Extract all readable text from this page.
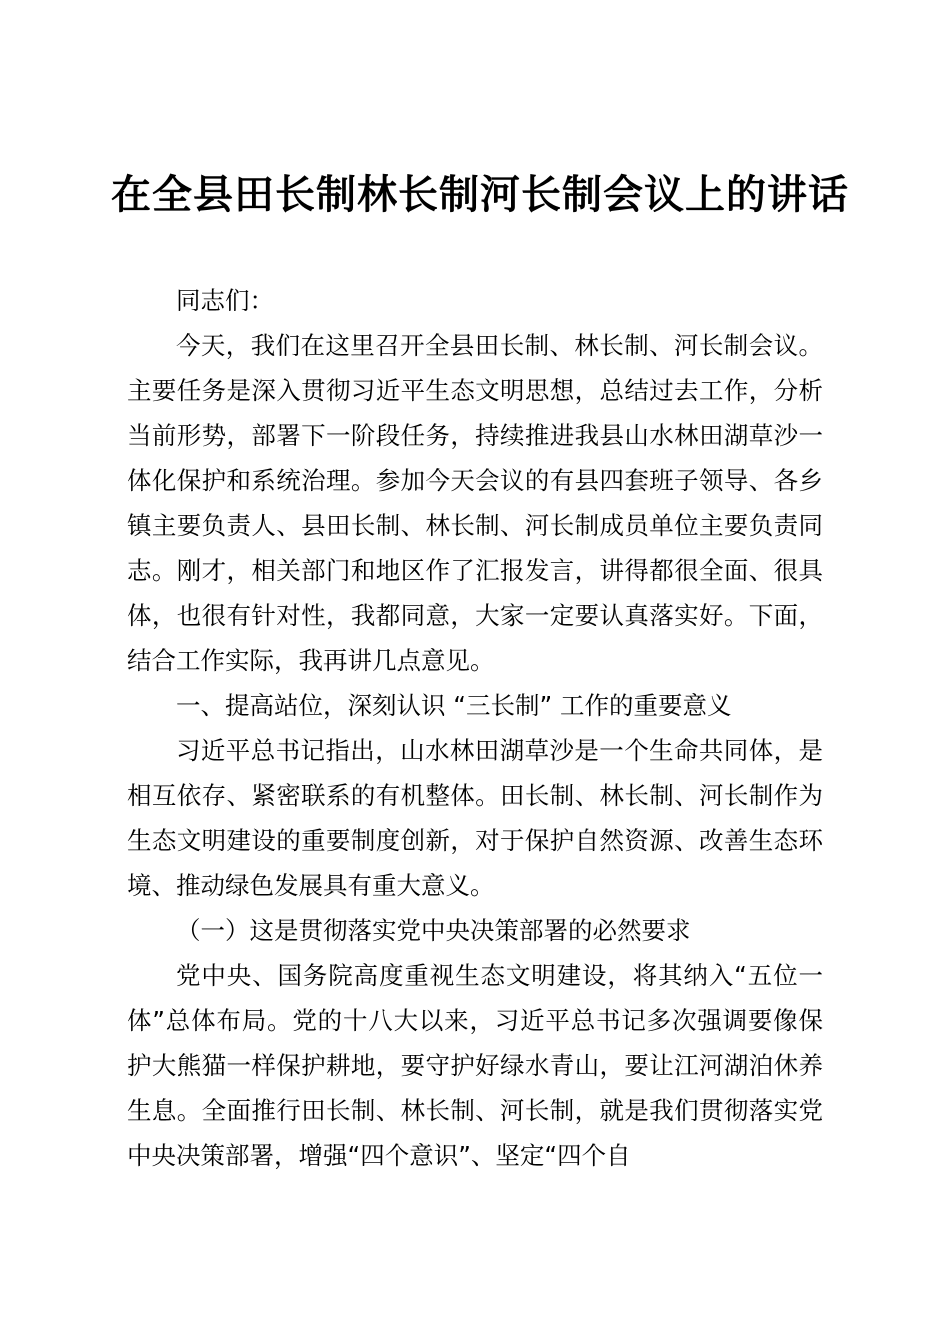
在全县田长制林长制河长制会议上的讲话

同志们：

今天，我们在这里召开全县田长制、林长制、河长制会议。主要任务是深入贯彻习近平生态文明思想，总结过去工作，分析当前形势，部署下一阶段任务，持续推进我县山水林田湖草沙一体化保护和系统治理。参加今天会议的有县四套班子领导、各乡镇主要负责人、县田长制、林长制、河长制成员单位主要负责同志。刚才，相关部门和地区作了汇报发言，讲得都很全面、很具体，也很有针对性，我都同意，大家一定要认真落实好。下面，结合工作实际，我再讲几点意见。

一、提高站位，深刻认识 “三长制” 工作的重要意义

习近平总书记指出，山水林田湖草沙是一个生命共同体，是相互依存、紧密联系的有机整体。田长制、林长制、河长制作为生态文明建设的重要制度创新，对于保护自然资源、改善生态环境、推动绿色发展具有重大意义。

（一）这是贯彻落实党中央决策部署的必然要求

党中央、国务院高度重视生态文明建设，将其纳入“五位一体”总体布局。党的十八大以来，习近平总书记多次强调要像保护大熊猫一样保护耕地，要守护好绿水青山，要让江河湖泊休养生息。全面推行田长制、林长制、河长制，就是我们贯彻落实党中央决策部署，增强“四个意识”、坚定“四个自
